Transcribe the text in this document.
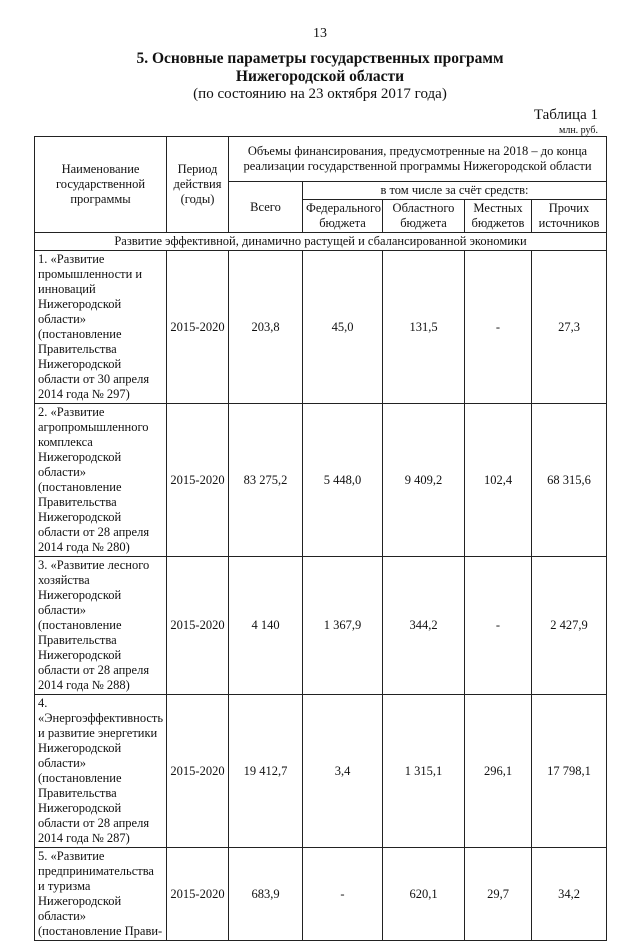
13
5. Основные параметры государственных программ
Нижегородской области
(по состоянию на 23 октября 2017 года)
Таблица 1
млн. руб.
Наименование государственной программы	Период действия (годы)	Объемы финансирования, предусмотренные на 2018 – до конца реализации государственной программы Нижегородской области				
		Всего	в том числе за счёт средств:			
			Федерального бюджета	Областного бюджета	Местных бюджетов	Прочих источников
Развитие эффективной, динамично растущей и сбалансированной экономики						
1. «Развитие промышленности и инноваций Нижегородской области» (постановление Правительства Нижегородской области от 30 апреля 2014 года № 297)	2015-2020	203,8	45,0	131,5	-	27,3
2. «Развитие агропромышленного комплекса Нижегородской области» (постановление Правительства Нижегородской области от 28 апреля 2014 года № 280)	2015-2020	83 275,2	5 448,0	9 409,2	102,4	68 315,6
3. «Развитие лесного хозяйства Нижегородской области» (постановление Правительства Нижегородской области от 28 апреля 2014 года № 288)	2015-2020	4 140	1 367,9	344,2	-	2 427,9
4. «Энергоэффективность и развитие энергетики Нижегородской области» (постановление Правительства Нижегородской области от 28 апреля 2014 года № 287)	2015-2020	19 412,7	3,4	1 315,1	296,1	17 798,1
5. «Развитие предпринимательства и туризма Нижегородской области» (постановление Прави-	2015-2020	683,9	-	620,1	29,7	34,2
